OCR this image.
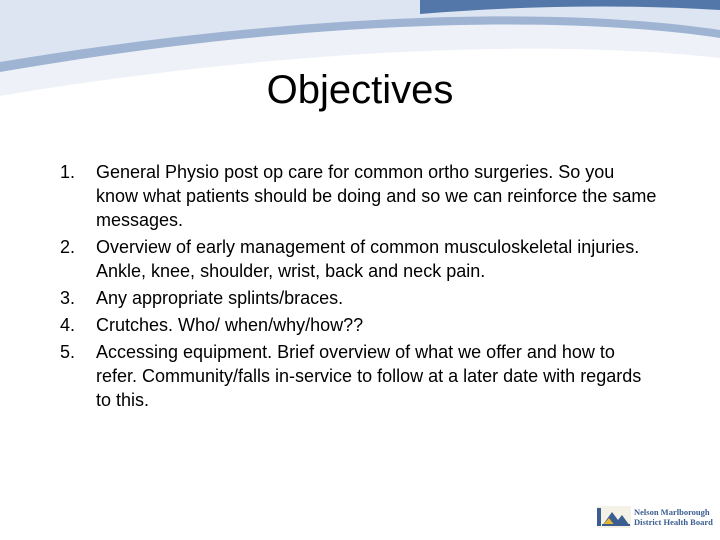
Objectives
1. General Physio post op care for common ortho surgeries. So you know what patients should be doing and so we can reinforce the same messages.
2. Overview of early management of common musculoskeletal injuries. Ankle, knee, shoulder, wrist, back and neck pain.
3. Any appropriate splints/braces.
4. Crutches. Who/ when/why/how??
5. Accessing equipment. Brief overview of what we offer and how to refer. Community/falls in-service to follow at a later date with regards to this.
Nelson Marlborough
District Health Board
